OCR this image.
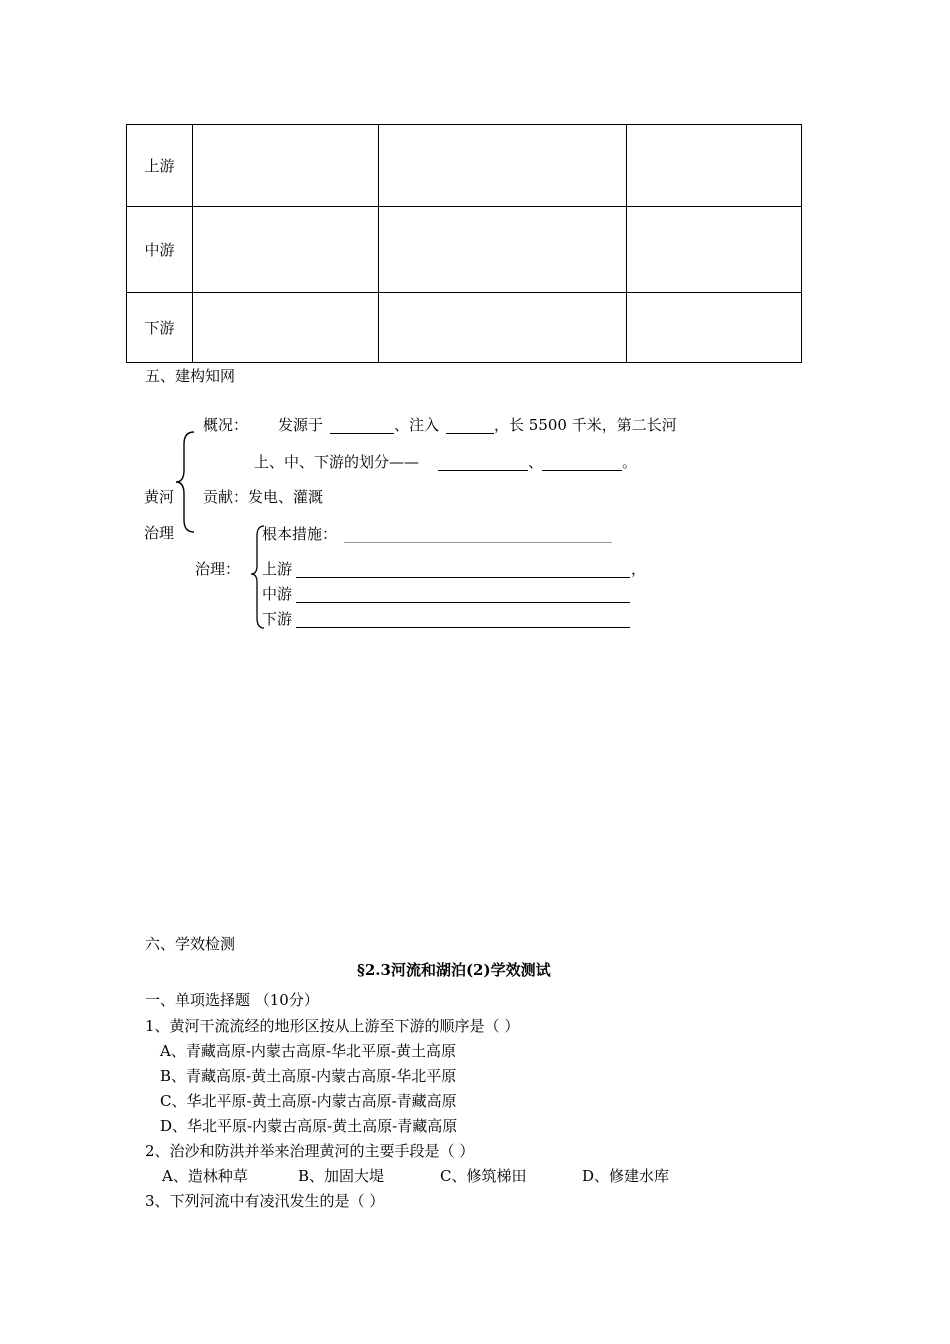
上游			
中游			
下游			
五、建构知网
黄河
治理
概况： 发源于	、注入	，长 5500 千米，第二长河
上、中、下游的划分——	、	。
贡献：发电、灌溉
治理：
根本措施：
上游	，
中游
下游
六、学效检测
§2.3河流和湖泊(2)学效测试
一、单项选择题 （10分）
1、黄河干流流经的地形区按从上游至下游的顺序是（ ）
A、青藏高原-内蒙古高原-华北平原-黄土高原
B、青藏高原-黄土高原-内蒙古高原-华北平原
C、华北平原-黄土高原-内蒙古高原-青藏高原
D、华北平原-内蒙古高原-黄土高原-青藏高原
2、治沙和防洪并举来治理黄河的主要手段是（ ）
A、造林种草	B、加固大堤	C、修筑梯田	D、修建水库
3、下列河流中有凌汛发生的是（ ）
